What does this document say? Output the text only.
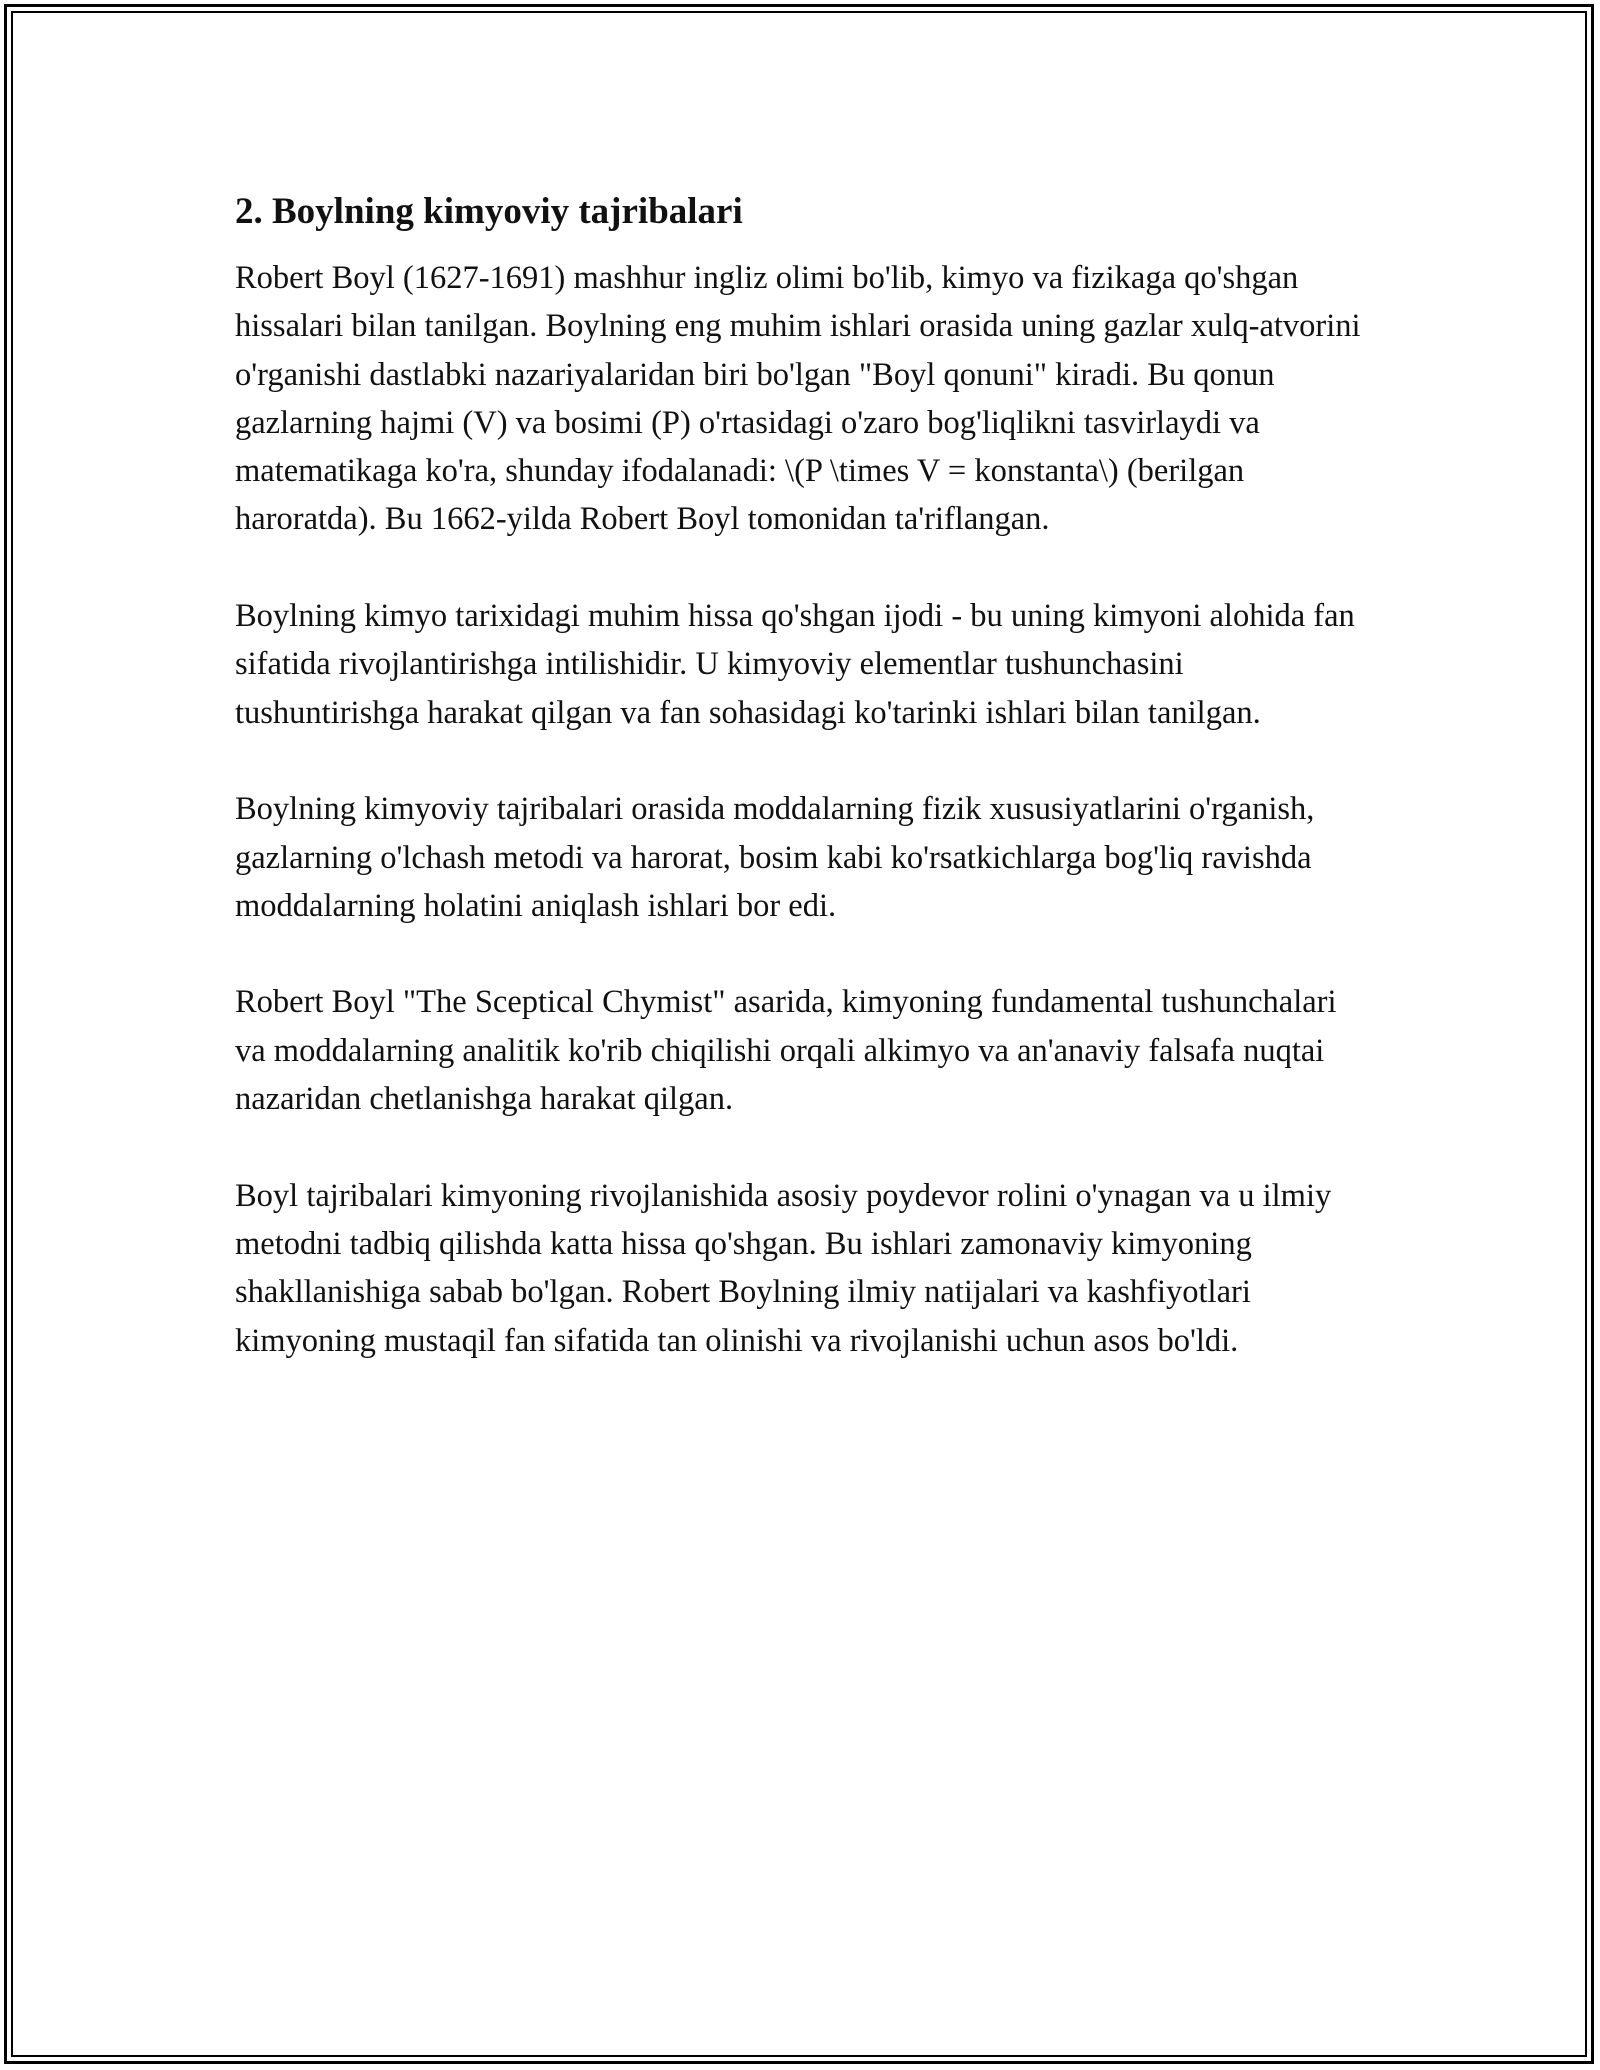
2. Boylning kimyoviy tajribalari

Robert Boyl (1627-1691) mashhur ingliz olimi bo'lib, kimyo va fizikaga qo'shgan hissalari bilan tanilgan. Boylning eng muhim ishlari orasida uning gazlar xulq-atvorini o'rganishi dastlabki nazariyalaridan biri bo'lgan "Boyl qonuni" kiradi. Bu qonun gazlarning hajmi (V) va bosimi (P) o'rtasidagi o'zaro bog'liqlikni tasvirlaydi va matematikaga ko'ra, shunday ifodalanadi: \(P \times V = konstanta\) (berilgan haroratda). Bu 1662-yilda Robert Boyl tomonidan ta'riflangan.

Boylning kimyo tarixidagi muhim hissa qo'shgan ijodi - bu uning kimyoni alohida fan sifatida rivojlantirishga intilishidir. U kimyoviy elementlar tushunchasini tushuntirishga harakat qilgan va fan sohasidagi ko'tarinki ishlari bilan tanilgan.

Boylning kimyoviy tajribalari orasida moddalarning fizik xususiyatlarini o'rganish, gazlarning o'lchash metodi va harorat, bosim kabi ko'rsatkichlarga bog'liq ravishda moddalarning holatini aniqlash ishlari bor edi.

Robert Boyl "The Sceptical Chymist" asarida, kimyoning fundamental tushunchalari va moddalarning analitik ko'rib chiqilishi orqali alkimyo va an'anaviy falsafa nuqtai nazaridan chetlanishga harakat qilgan.

Boyl tajribalari kimyoning rivojlanishida asosiy poydevor rolini o'ynagan va u ilmiy metodni tadbiq qilishda katta hissa qo'shgan. Bu ishlari zamonaviy kimyoning shakllanishiga sabab bo'lgan. Robert Boylning ilmiy natijalari va kashfiyotlari kimyoning mustaqil fan sifatida tan olinishi va rivojlanishi uchun asos bo'ldi.
